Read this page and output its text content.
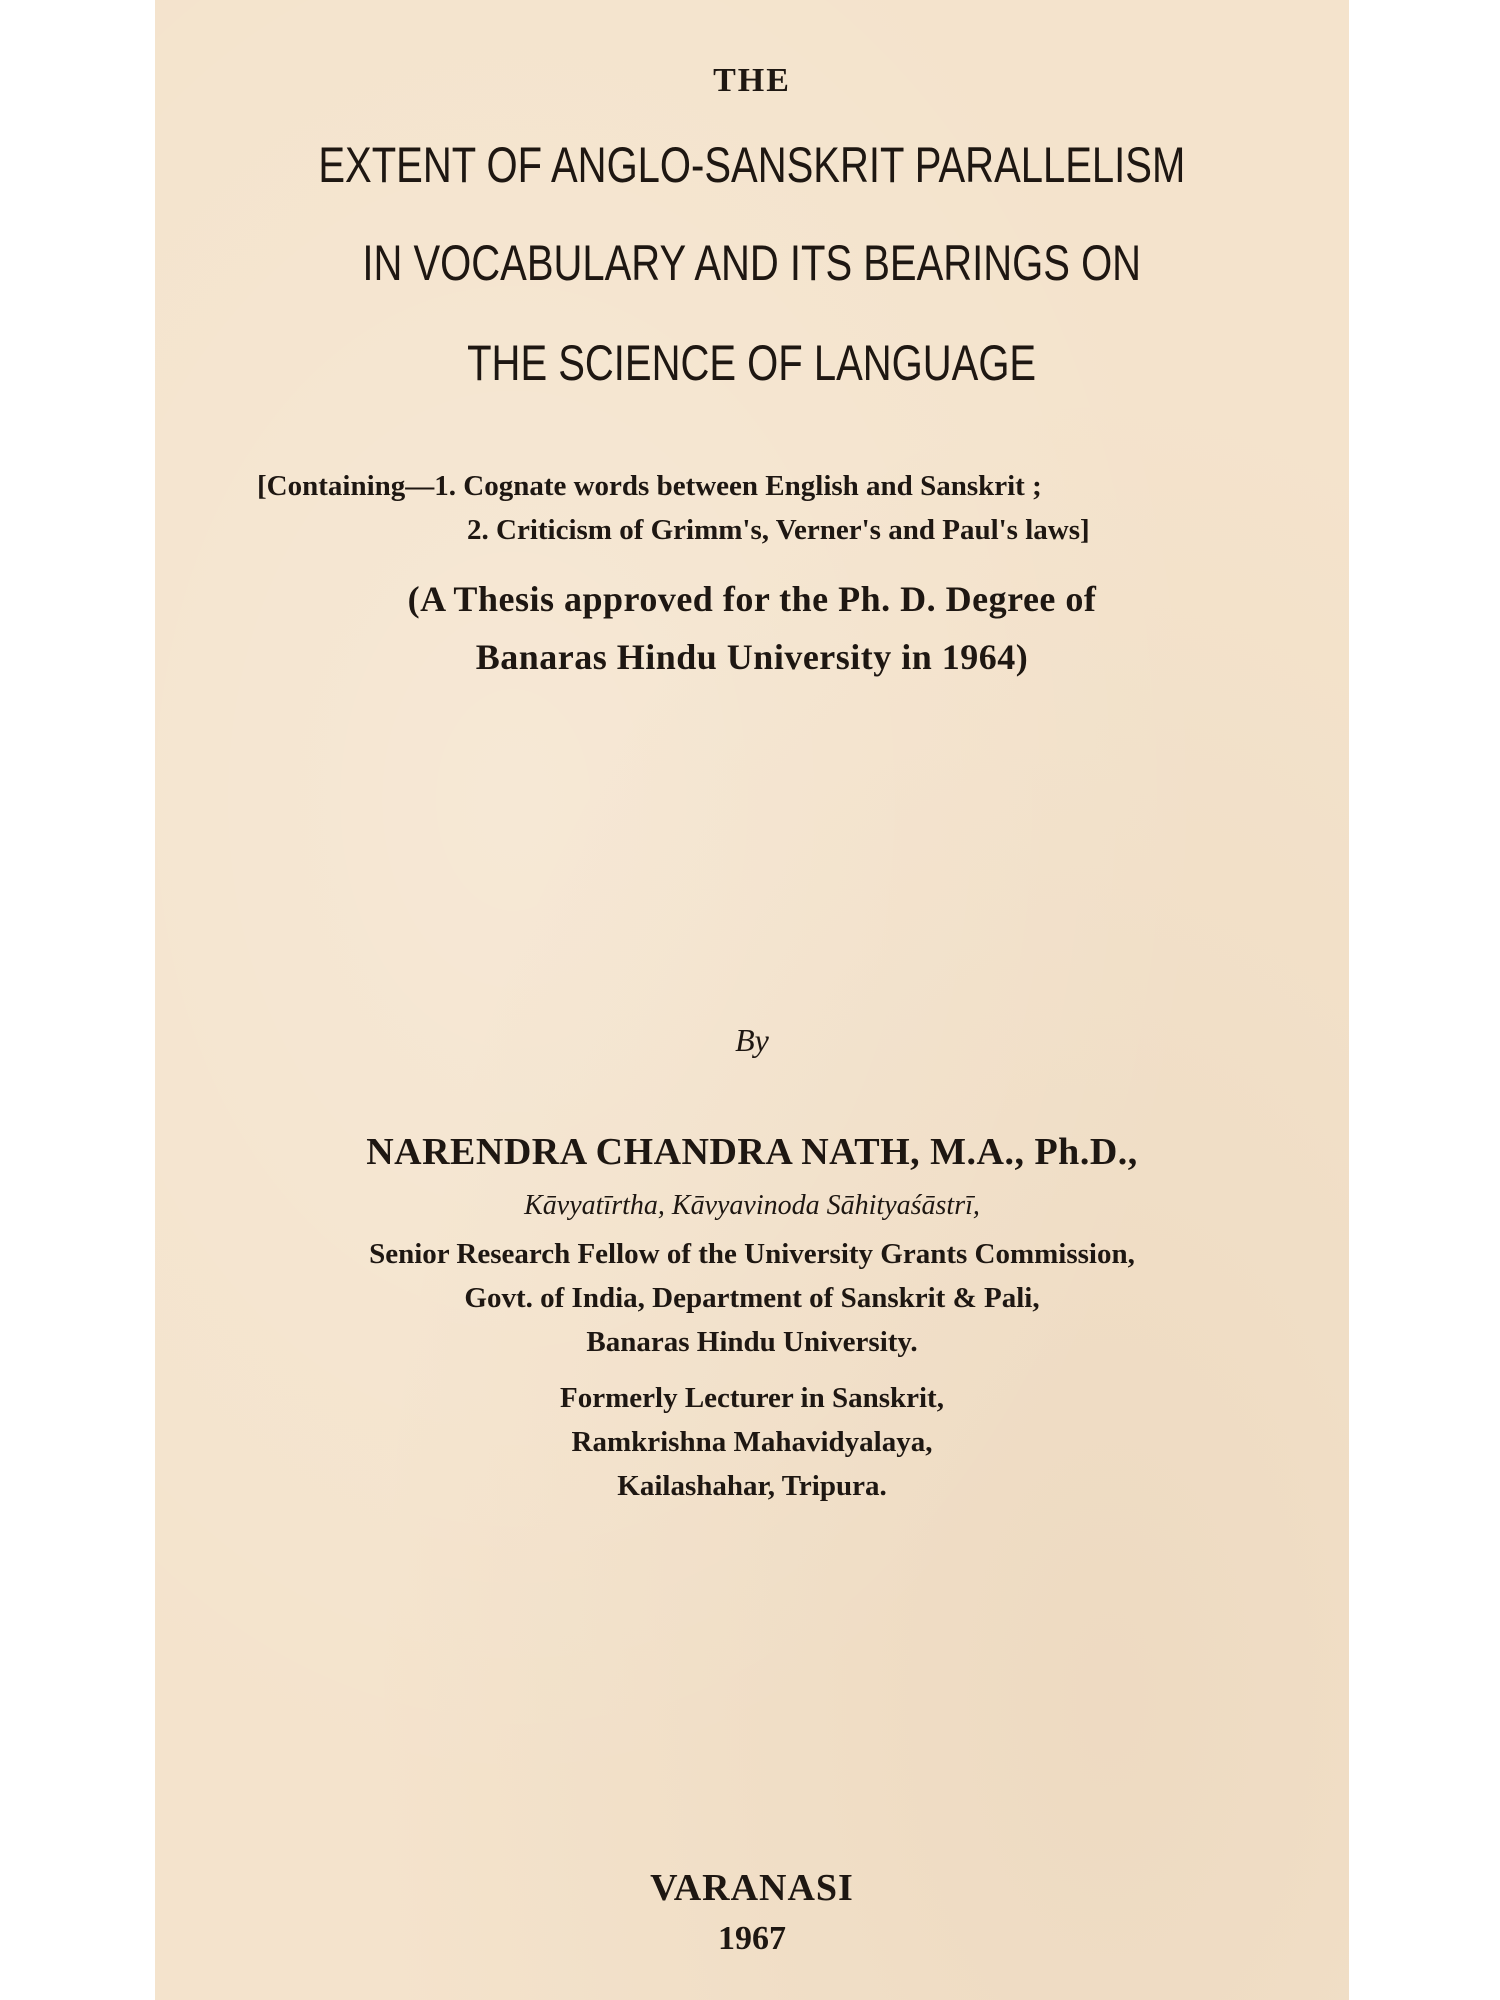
THE
EXTENT OF ANGLO-SANSKRIT PARALLELISM
IN VOCABULARY AND ITS BEARINGS ON
THE SCIENCE OF LANGUAGE
[Containing—1. Cognate words between English and Sanskrit ;
2. Criticism of Grimm's, Verner's and Paul's laws]
(A Thesis approved for the Ph. D. Degree of
Banaras Hindu University in 1964)
By
NARENDRA CHANDRA NATH, M.A., Ph.D.,
Kāvyatīrtha, Kāvyavinoda Sāhityaśāstrī,
Senior Research Fellow of the University Grants Commission,
Govt. of India, Department of Sanskrit & Pali,
Banaras Hindu University.
Formerly Lecturer in Sanskrit,
Ramkrishna Mahavidyalaya,
Kailashahar, Tripura.
VARANASI
1967
